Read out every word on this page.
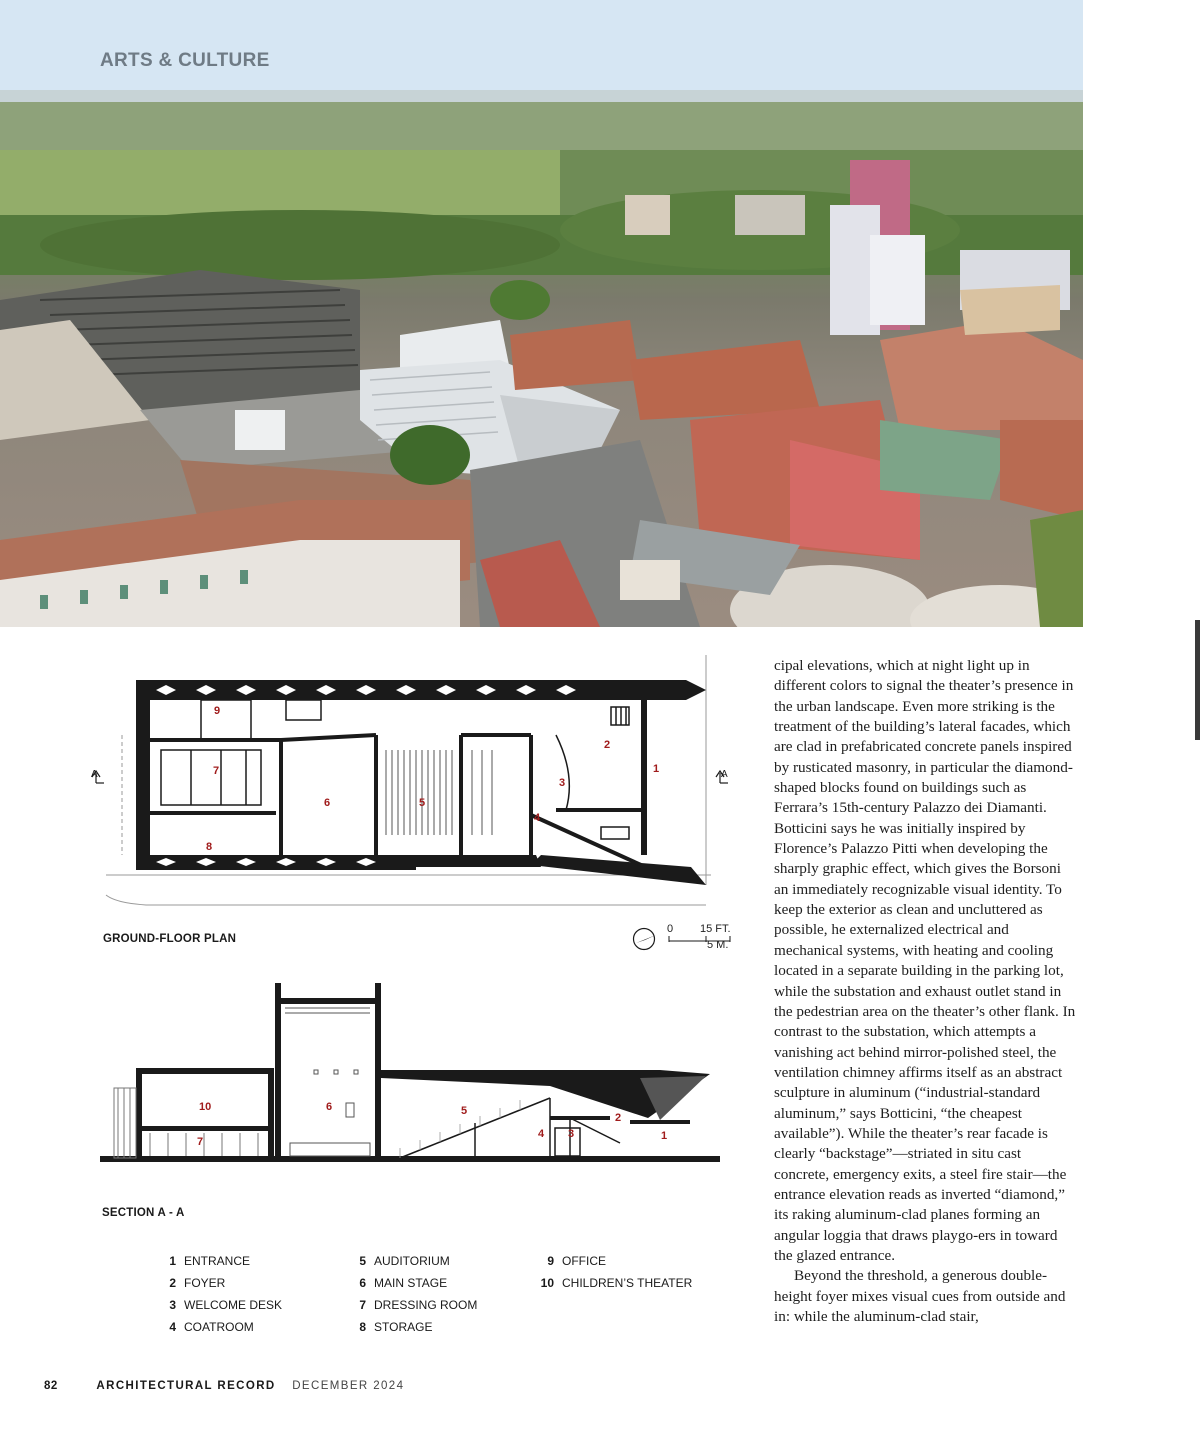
ARTS & CULTURE
1
2
3
4
5
6
7
8
9
A	A
GROUND-FLOOR PLAN
0 15 FT.
5 M.
1
2
3
4
5
6
7
10
SECTION A - A
1 ENTRANCE
2 FOYER
3 WELCOME DESK
4 COATROOM
5 AUDITORIUM
6 MAIN STAGE
7 DRESSING ROOM
8 STORAGE
9 OFFICE
10 CHILDREN’S THEATER

cipal elevations, which at night light up in different colors to signal the theater’s presence in the urban landscape. Even more striking is the treatment of the building’s lateral facades, which are clad in prefabricated concrete panels inspired by rusticated masonry, in particular the diamond-shaped blocks found on buildings such as Ferrara’s 15th-century Palazzo dei Diamanti. Botticini says he was initially inspired by Florence’s Palazzo Pitti when developing the sharply graphic effect, which gives the Borsoni an immediately recognizable visual identity. To keep the exterior as clean and uncluttered as possible, he externalized electrical and mechanical systems, with heating and cooling located in a separate building in the parking lot, while the substation and exhaust outlet stand in the pedestrian area on the theater’s other flank. In contrast to the substation, which attempts a vanishing act behind mirror-polished steel, the ventilation chimney affirms itself as an abstract sculpture in aluminum (“industrial-standard aluminum,” says Botticini, “the cheapest available”). While the theater’s rear facade is clearly “backstage”—striated in situ cast concrete, emergency exits, a steel fire stair—the entrance elevation reads as inverted “diamond,” its raking aluminum-clad planes forming an angular loggia that draws playgo-ers in toward the glazed entrance.

Beyond the threshold, a generous double-height foyer mixes visual cues from outside and in: while the aluminum-clad stair,

82	ARCHITECTURAL RECORD DECEMBER 2024
